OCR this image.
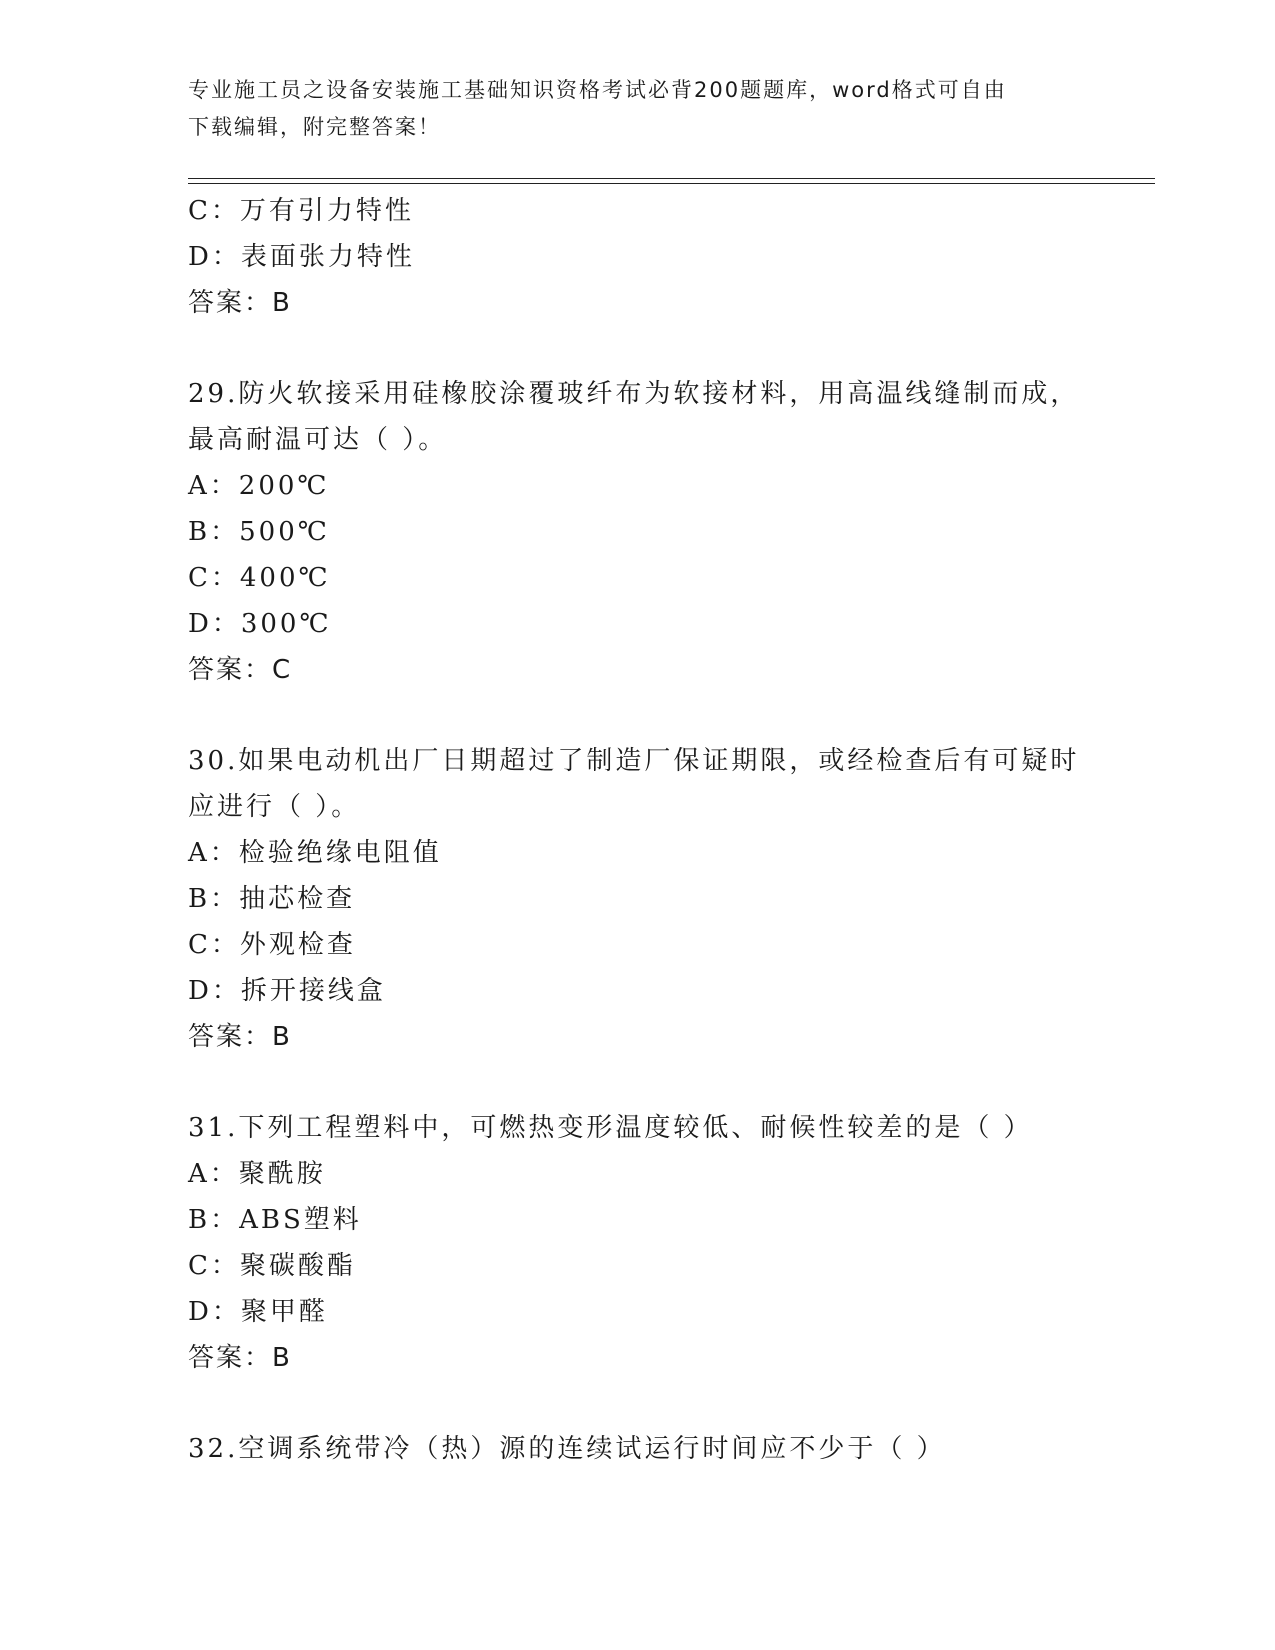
专业施工员之设备安装施工基础知识资格考试必背200题题库，word格式可自由
下载编辑，附完整答案！
C：万有引力特性
D：表面张力特性
答案：B
29.防火软接采用硅橡胶涂覆玻纤布为软接材料，用高温线缝制而成，
最高耐温可达（ ）。
A：200℃
B：500℃
C：400℃
D：300℃
答案：C
30.如果电动机出厂日期超过了制造厂保证期限，或经检查后有可疑时
应进行（ ）。
A：检验绝缘电阻值
B：抽芯检查
C：外观检查
D：拆开接线盒
答案：B
31.下列工程塑料中，可燃热变形温度较低、耐候性较差的是（ ）
A：聚酰胺
B：ABS塑料
C：聚碳酸酯
D：聚甲醛
答案：B
32.空调系统带冷（热）源的连续试运行时间应不少于（ ）
